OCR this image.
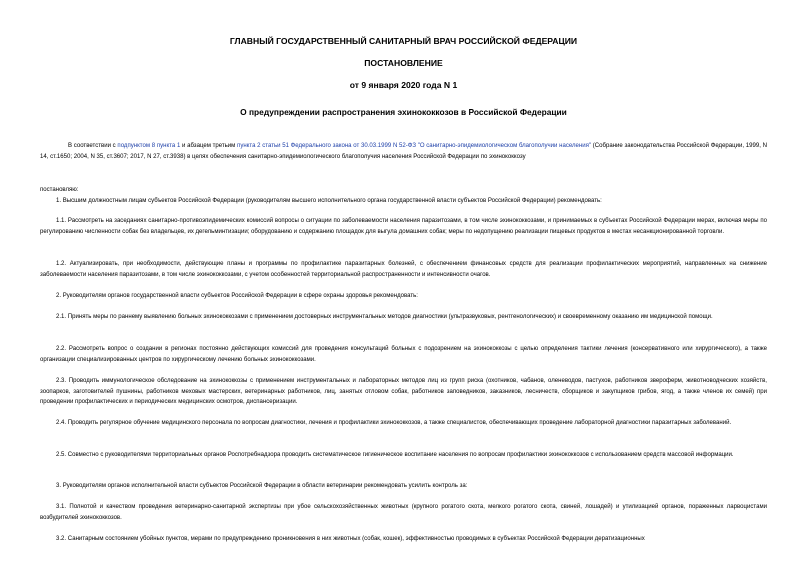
ГЛАВНЫЙ ГОСУДАРСТВЕННЫЙ САНИТАРНЫЙ ВРАЧ РОССИЙСКОЙ ФЕДЕРАЦИИ
ПОСТАНОВЛЕНИЕ
от 9 января 2020 года N 1
О предупреждении распространения эхинококкозов в Российской Федерации
В соответствии с подпунктом 8 пункта 1 и абзацем третьим пункта 2 статьи 51 Федерального закона от 30.03.1999 N 52-ФЗ "О санитарно-эпидемиологическом благополучии населения" (Собрание законодательства Российской Федерации, 1999, N 14, ст.1650; 2004, N 35, ст.3607; 2017, N 27, ст.3938) в целях обеспечения санитарно-эпидемиологического благополучия населения Российской Федерации по эхинококкозу
постановляю:
1. Высшим должностным лицам субъектов Российской Федерации (руководителям высшего исполнительного органа государственной власти субъектов Российской Федерации) рекомендовать:
1.1. Рассмотреть на заседаниях санитарно-противоэпидемических комиссий вопросы о ситуации по заболеваемости населения паразитозами, в том числе эхинококкозами, и принимаемых в субъектах Российской Федерации мерах, включая меры по регулированию численности собак без владельцев, их дегельминтизации; оборудованию и содержанию площадок для выгула домашних собак; меры по недопущению реализации пищевых продуктов в местах несанкционированной торговли.
1.2. Актуализировать, при необходимости, действующие планы и программы по профилактике паразитарных болезней, с обеспечением финансовых средств для реализации профилактических мероприятий, направленных на снижение заболеваемости населения паразитозами, в том числе эхинококкозами, с учетом особенностей территориальной распространенности и интенсивности очагов.
2. Руководителям органов государственной власти субъектов Российской Федерации в сфере охраны здоровья рекомендовать:
2.1. Принять меры по раннему выявлению больных эхинококкозами с применением достоверных инструментальных методов диагностики (ультразвуковых, рентгенологических) и своевременному оказанию им медицинской помощи.
2.2. Рассмотреть вопрос о создании в регионах постоянно действующих комиссий для проведения консультаций больных с подозрением на эхинококкозы с целью определения тактики лечения (консервативного или хирургического), а также организации специализированных центров по хирургическому лечению больных эхинококкозами.
2.3. Проводить иммунологическое обследование на эхинококкозы с применением инструментальных и лабораторных методов лиц из групп риска (охотников, чабанов, оленеводов, пастухов, работников звероферм, животноводческих хозяйств, зоопарков, заготовителей пушнины, работников меховых мастерских, ветеринарных работников, лиц, занятых отловом собак, работников заповедников, заказников, лесничеств, сборщиков и закупщиков грибов, ягод, а также членов их семей) при проведении профилактических и периодических медицинских осмотров, диспансеризации.
2.4. Проводить регулярное обучение медицинского персонала по вопросам диагностики, лечения и профилактики эхинококкозов, а также специалистов, обеспечивающих проведение лабораторной диагностики паразитарных заболеваний.
2.5. Совместно с руководителями территориальных органов Роспотребнадзора проводить систематическое гигиеническое воспитание населения по вопросам профилактики эхинококкозов с использованием средств массовой информации.
3. Руководителям органов исполнительной власти субъектов Российской Федерации в области ветеринарии рекомендовать усилить контроль за:
3.1. Полнотой и качеством проведения ветеринарно-санитарной экспертизы при убое сельскохозяйственных животных (крупного рогатого скота, мелкого рогатого скота, свиней, лошадей) и утилизацией органов, пораженных ларвоцистами возбудителей эхинококкозов.
3.2. Санитарным состоянием убойных пунктов, мерами по предупреждению проникновения в них животных (собак, кошек), эффективностью проводимых в субъектах Российской Федерации дератизационных
